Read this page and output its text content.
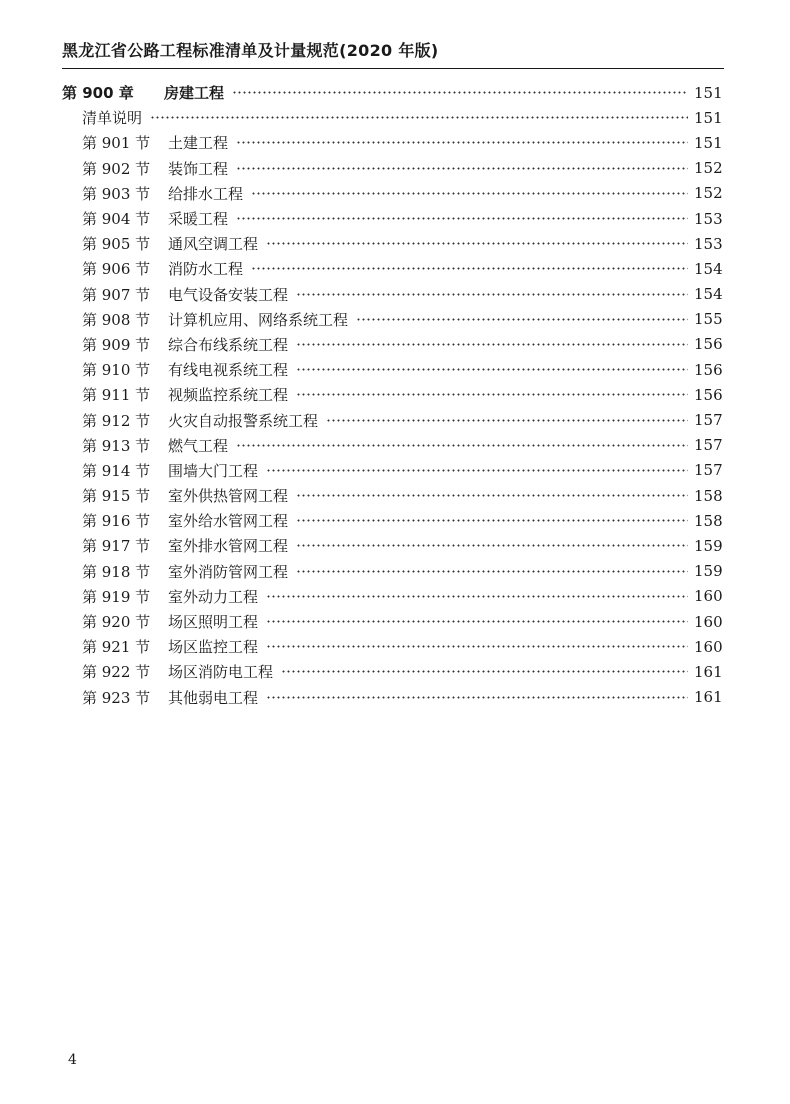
黑龙江省公路工程标准清单及计量规范(2020 年版)
第 900 章	房建工程	151
清单说明	151
第 901 节	土建工程	151
第 902 节	装饰工程	152
第 903 节	给排水工程	152
第 904 节	采暖工程	153
第 905 节	通风空调工程	153
第 906 节	消防水工程	154
第 907 节	电气设备安装工程	154
第 908 节	计算机应用、网络系统工程	155
第 909 节	综合布线系统工程	156
第 910 节	有线电视系统工程	156
第 911 节	视频监控系统工程	156
第 912 节	火灾自动报警系统工程	157
第 913 节	燃气工程	157
第 914 节	围墙大门工程	157
第 915 节	室外供热管网工程	158
第 916 节	室外给水管网工程	158
第 917 节	室外排水管网工程	159
第 918 节	室外消防管网工程	159
第 919 节	室外动力工程	160
第 920 节	场区照明工程	160
第 921 节	场区监控工程	160
第 922 节	场区消防电工程	161
第 923 节	其他弱电工程	161
4
